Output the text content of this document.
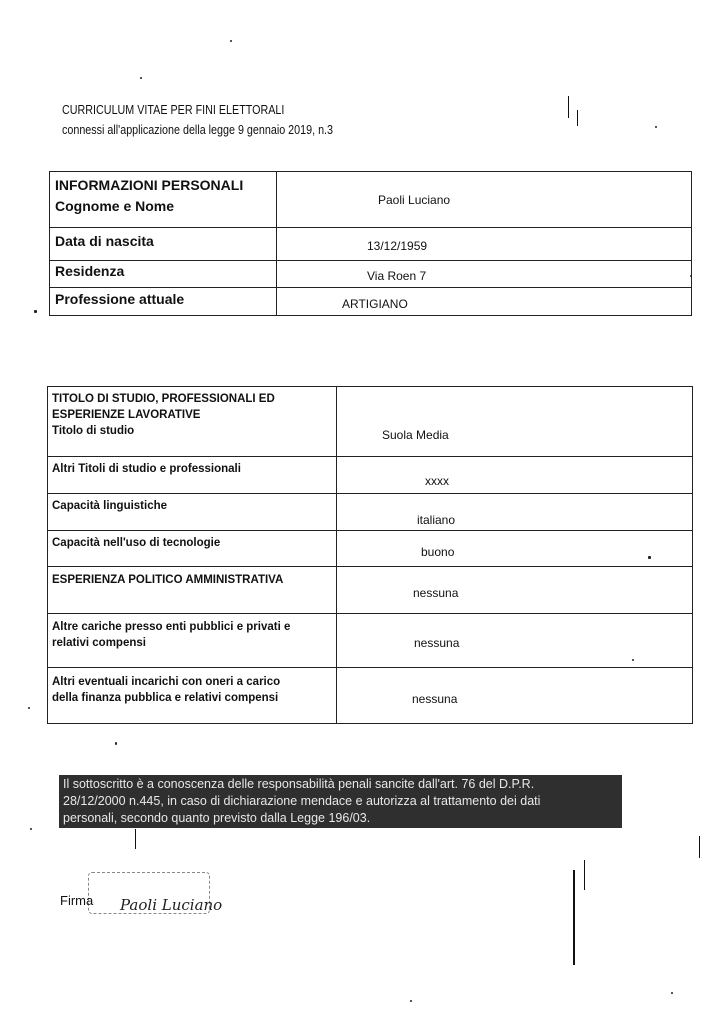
CURRICULUM VITAE PER FINI ELETTORALI
connessi all'applicazione della legge 9 gennaio 2019, n.3
INFORMAZIONI PERSONALI
Cognome e Nome	Paoli Luciano

Data di nascita	13/12/1959

Residenza	Via Roen 7

Professione attuale	ARTIGIANO
TITOLO DI STUDIO, PROFESSIONALI ED
ESPERIENZE LAVORATIVE
Titolo di studio	Suola Media

Altri Titoli di studio e professionali	xxxx

Capacità linguistiche	italiano

Capacità nell'uso di tecnologie	buono

ESPERIENZA POLITICO AMMINISTRATIVA	nessuna

Altre cariche presso enti pubblici e privati e
relativi compensi	nessuna

Altri eventuali incarichi con oneri a carico
della finanza pubblica e relativi compensi	nessuna
Il sottoscritto è a conoscenza delle responsabilità penali sancite dall'art. 76 del D.P.R.
28/12/2000 n.445, in caso di dichiarazione mendace e autorizza al trattamento dei dati
personali, secondo quanto previsto dalla Legge 196/03.
Firma Paoli Luciano
